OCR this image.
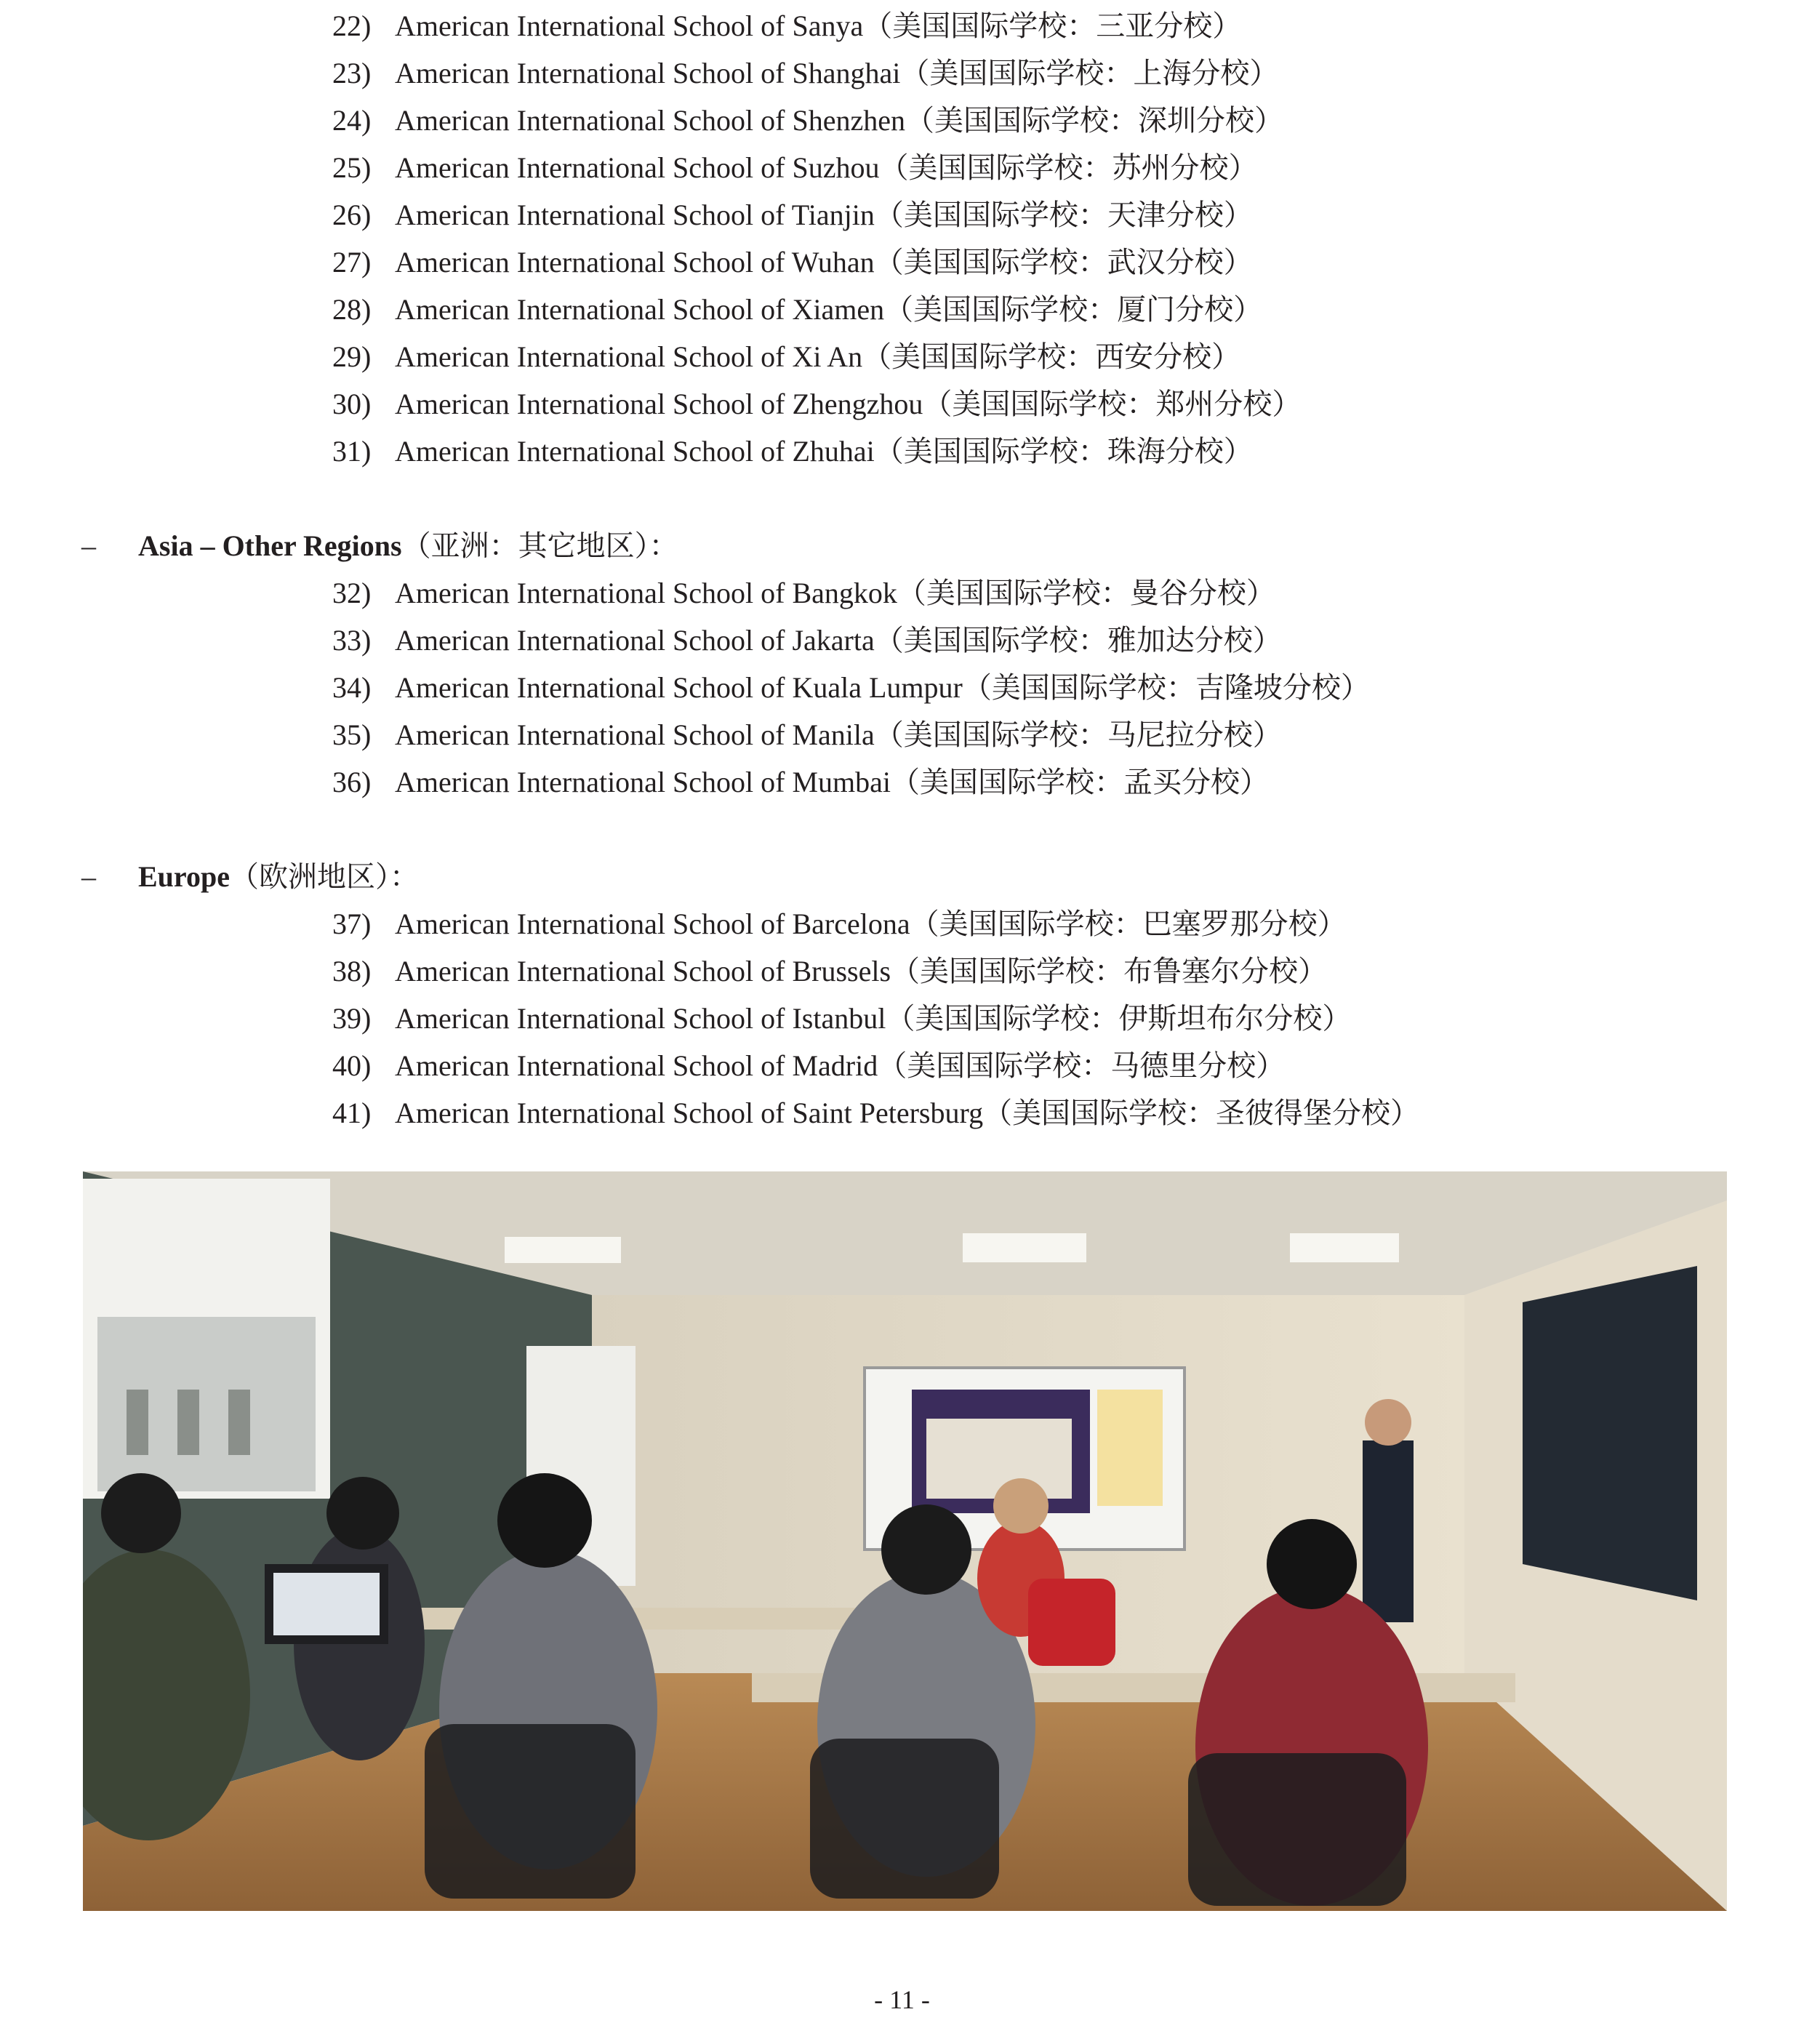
22) American International School of Sanya（美国国际学校：三亚分校）
23) American International School of Shanghai（美国国际学校：上海分校）
24) American International School of Shenzhen（美国国际学校：深圳分校）
25) American International School of Suzhou（美国国际学校：苏州分校）
26) American International School of Tianjin（美国国际学校：天津分校）
27) American International School of Wuhan（美国国际学校：武汉分校）
28) American International School of Xiamen（美国国际学校：厦门分校）
29) American International School of Xi An（美国国际学校：西安分校）
30) American International School of Zhengzhou（美国国际学校：郑州分校）
31) American International School of Zhuhai（美国国际学校：珠海分校）
– Asia – Other Regions（亚洲：其它地区）：
32) American International School of Bangkok（美国国际学校：曼谷分校）
33) American International School of Jakarta（美国国际学校：雅加达分校）
34) American International School of Kuala Lumpur（美国国际学校：吉隆坡分校）
35) American International School of Manila（美国国际学校：马尼拉分校）
36) American International School of Mumbai（美国国际学校：孟买分校）
– Europe（欧洲地区）：
37) American International School of Barcelona（美国国际学校：巴塞罗那分校）
38) American International School of Brussels（美国国际学校：布鲁塞尔分校）
39) American International School of Istanbul（美国国际学校：伊斯坦布尔分校）
40) American International School of Madrid（美国国际学校：马德里分校）
41) American International School of Saint Petersburg（美国国际学校：圣彼得堡分校）
- 11 -
